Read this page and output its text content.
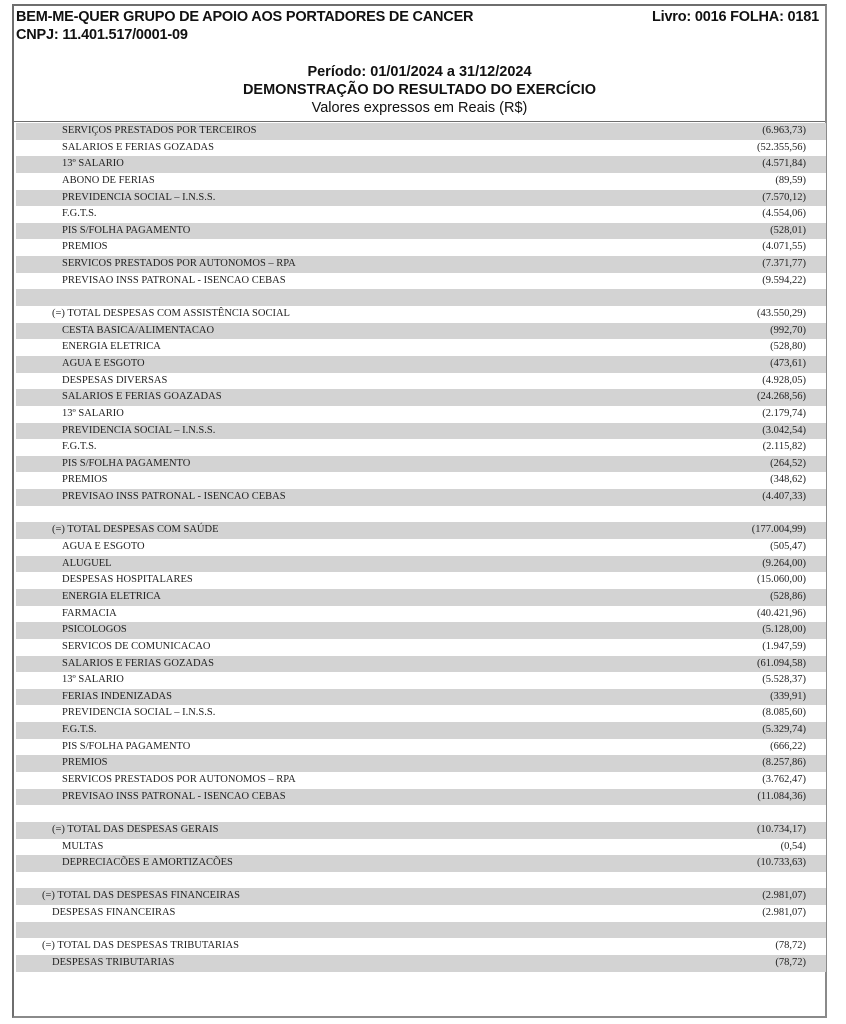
BEM-ME-QUER GRUPO DE APOIO AOS PORTADORES DE CANCER
CNPJ: 11.401.517/0001-09
Livro: 0016 FOLHA: 0181
Período: 01/01/2024 a 31/12/2024
DEMONSTRAÇÃO DO RESULTADO DO EXERCÍCIO
Valores expressos em Reais (R$)
SERVIÇOS PRESTADOS POR TERCEIROS	(6.963,73)
SALARIOS E FERIAS GOZADAS	(52.355,56)
13º SALARIO	(4.571,84)
ABONO DE FERIAS	(89,59)
PREVIDENCIA SOCIAL – I.N.S.S.	(7.570,12)
F.G.T.S.	(4.554,06)
PIS S/FOLHA PAGAMENTO	(528,01)
PREMIOS	(4.071,55)
SERVICOS PRESTADOS POR AUTONOMOS – RPA	(7.371,77)
PREVISAO INSS PATRONAL - ISENCAO CEBAS	(9.594,22)
(=) TOTAL DESPESAS COM ASSISTÊNCIA SOCIAL	(43.550,29)
CESTA BASICA/ALIMENTACAO	(992,70)
ENERGIA ELETRICA	(528,80)
AGUA E ESGOTO	(473,61)
DESPESAS DIVERSAS	(4.928,05)
SALARIOS E FERIAS GOAZADAS	(24.268,56)
13º SALARIO	(2.179,74)
PREVIDENCIA SOCIAL – I.N.S.S.	(3.042,54)
F.G.T.S.	(2.115,82)
PIS S/FOLHA PAGAMENTO	(264,52)
PREMIOS	(348,62)
PREVISAO INSS PATRONAL - ISENCAO CEBAS	(4.407,33)
(=) TOTAL DESPESAS COM SAÚDE	(177.004,99)
AGUA E ESGOTO	(505,47)
ALUGUEL	(9.264,00)
DESPESAS HOSPITALARES	(15.060,00)
ENERGIA ELETRICA	(528,86)
FARMACIA	(40.421,96)
PSICOLOGOS	(5.128,00)
SERVICOS DE COMUNICACAO	(1.947,59)
SALARIOS E FERIAS GOZADAS	(61.094,58)
13º SALARIO	(5.528,37)
FERIAS INDENIZADAS	(339,91)
PREVIDENCIA SOCIAL – I.N.S.S.	(8.085,60)
F.G.T.S.	(5.329,74)
PIS S/FOLHA PAGAMENTO	(666,22)
PREMIOS	(8.257,86)
SERVICOS PRESTADOS POR AUTONOMOS – RPA	(3.762,47)
PREVISAO INSS PATRONAL - ISENCAO CEBAS	(11.084,36)
(=) TOTAL DAS DESPESAS GERAIS	(10.734,17)
MULTAS	(0,54)
DEPRECIACÕES E AMORTIZACÕES	(10.733,63)
(=) TOTAL DAS DESPESAS FINANCEIRAS	(2.981,07)
DESPESAS FINANCEIRAS	(2.981,07)
(=) TOTAL DAS DESPESAS TRIBUTARIAS	(78,72)
DESPESAS TRIBUTARIAS	(78,72)
